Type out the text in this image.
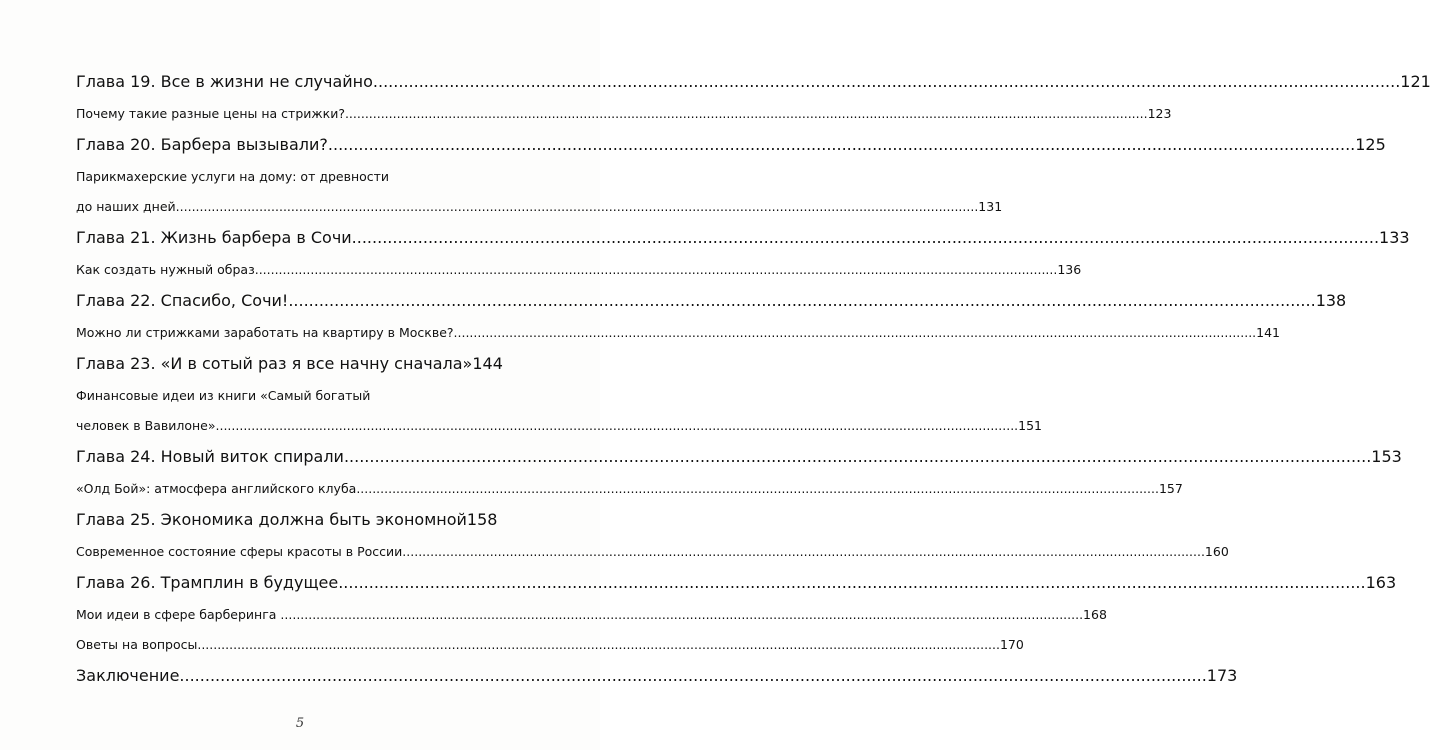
Глава 19. Все в жизни не случайно .....	121
Почему такие разные цены на стрижки? .....	123
Глава 20. Барбера вызывали? .....	125
Парикмахерские услуги на дому: от древности
до наших дней .....	131
Глава 21. Жизнь барбера в Сочи .....	133
Как создать нужный образ .....	136
Глава 22. Спасибо, Сочи! .....	138
Можно ли стрижками заработать на квартиру в Москве? .....	141
Глава 23. «И в сотый раз я все начну сначала» 144
Финансовые идеи из книги «Самый богатый
человек в Вавилоне» .....	151
Глава 24. Новый виток спирали .....	153
«Олд Бой»: атмосфера английского клуба .....	157
Глава 25. Экономика должна быть экономной 158
Современное состояние сферы красоты в России .....	160
Глава 26. Трамплин в будущее .....	163
Мои идеи в сфере барберинга .....	168
Оветы на вопросы .....	170
Заключение .....	173
5
